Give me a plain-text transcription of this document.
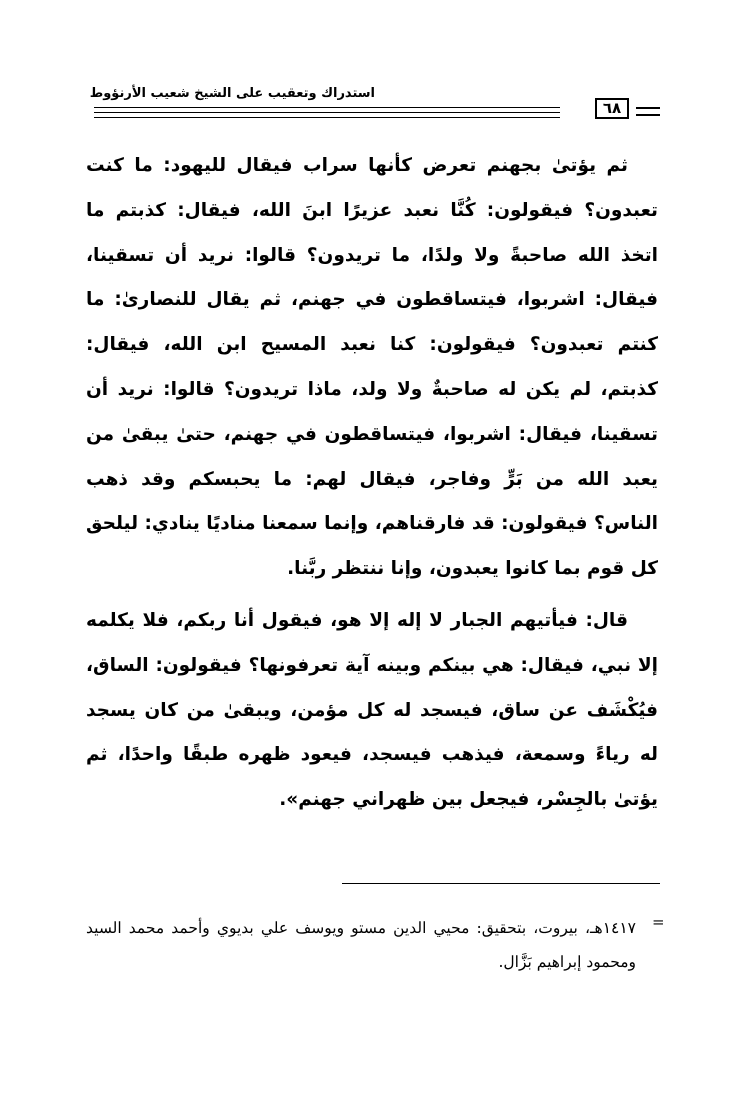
استدراك وتعقيب على الشيخ شعيب الأرنؤوط
٦٨
ثم يؤتىٰ بجهنم تعرض كأنها سراب فيقال لليهود: ما كنت تعبدون؟ فيقولون: كُنَّا نعبد عزيرًا ابنَ الله، فيقال: كذبتم ما اتخذ الله صاحبةً ولا ولدًا، ما تريدون؟ قالوا: نريد أن تسقينا، فيقال: اشربوا، فيتساقطون في جهنم، ثم يقال للنصارىٰ: ما كنتم تعبدون؟ فيقولون: كنا نعبد المسيح ابن الله، فيقال: كذبتم، لم يكن له صاحبةٌ ولا ولد، ماذا تريدون؟ قالوا: نريد أن تسقينا، فيقال: اشربوا، فيتساقطون في جهنم، حتىٰ يبقىٰ من يعبد الله من بَرٍّ وفاجر، فيقال لهم: ما يحبسكم وقد ذهب الناس؟ فيقولون: قد فارقناهم، وإنما سمعنا مناديًا ينادي: ليلحق كل قوم بما كانوا يعبدون، وإنا ننتظر ربَّنا.
قال: فيأتيهم الجبار لا إله إلا هو، فيقول أنا ربكم، فلا يكلمه إلا نبي، فيقال: هي بينكم وبينه آية تعرفونها؟ فيقولون: الساق، فيُكْشَف عن ساق، فيسجد له كل مؤمن، ويبقىٰ من كان يسجد له رياءً وسمعة، فيذهب فيسجد، فيعود ظهره طبقًا واحدًا، ثم يؤتىٰ بالجِسْر، فيجعل بين ظهراني جهنم».
=
١٤١٧هـ، بيروت، بتحقيق: محيي الدين مستو ويوسف علي بديوي وأحمد محمد السيد ومحمود إبراهيم بَزَّال.
